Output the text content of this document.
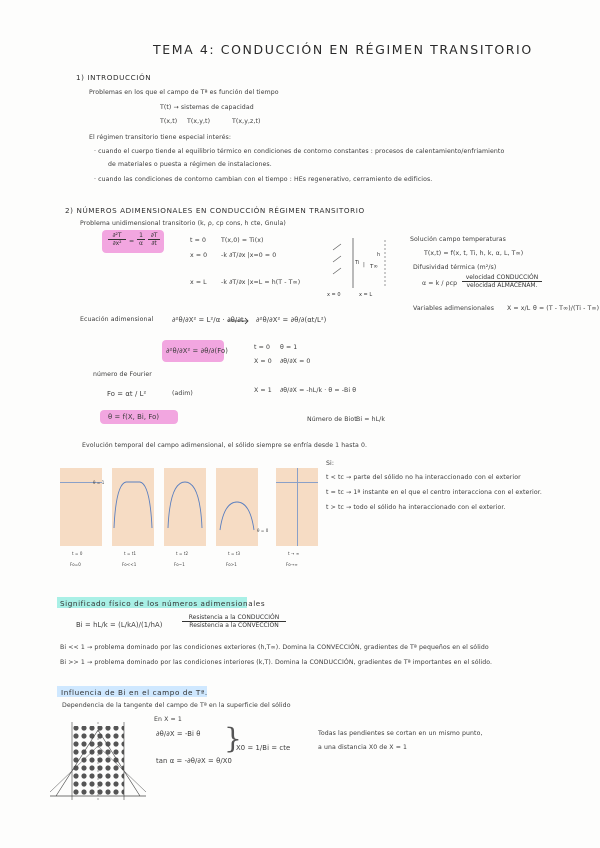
TEMA 4: CONDUCCIÓN EN RÉGIMEN TRANSITORIO
1) INTRODUCCIÓN
Problemas en los que el campo de Tª es función del tiempo
T(t) → sistemas de capacidad
T(x,t) T(x,y,t)	T(x,y,z,t)
El régimen transitorio tiene especial interés:
· cuando el cuerpo tiende al equilibrio térmico en condiciones de contorno constantes : procesos de calentamiento/enfriamiento
de materiales o puesta a régimen de instalaciones.
· cuando las condiciones de contorno cambian con el tiempo : HEs regenerativo, cerramiento de edificios.
2) NÚMEROS ADIMENSIONALES EN CONDUCCIÓN RÉGIMEN TRANSITORIO
Problema unidimensional transitorio (k, ρ, cp cons, h cte, Gnula)
$\frac{\text{∂²T}}{\text{∂x²}} = \frac{1}{\alpha} \frac{\partial T}{\partial t}$	t = 0 T(x,0) = Ti(x)
x = 0 -k ∂T/∂x |x=0 = 0
x = L -k ∂T/∂x |x=L = h(T - T∞)
| T∞
x = 0	x = L
Ti
h
Solución campo temperaturas
T(x,t) = f(x, t, Ti, h, k, α, L, T∞)
Difusividad térmica (m²/s)
α = k / ρcp
velocidad CONDUCCIÓN
velocidad ALMACENAM.
Variables adimensionales X = x/L θ = (T - T∞)/(Ti - T∞)
Ecuación adimensional	∂²θ/∂X² = L²/α · ∂θ/∂t ∂²θ/∂X² = ∂θ/∂(αt/L²)
∂²θ/∂X² = ∂θ/∂(Fo)	t = 0 θ = 1
X = 0 ∂θ/∂X = 0
número de Fourier
Fo = αt / L²	(adim)	X = 1 ∂θ/∂X = -hL/k · θ = -Bi θ
θ = f(X, Bi, Fo)	Número de Biot Bi = hL/k
Evolución temporal del campo adimensional, el sólido siempre se enfría desde 1 hasta 0.
θ = 1
θ = 0
t = 0	t = t1	t = t2	t = t3	t → ∞
Fo=0	Fo<<1	Fo~1	Fo>1	Fo→∞
Si:
t < tc → parte del sólido no ha interaccionado con el exterior
t = tc → 1ª instante en el que el centro interacciona con el exterior.
t > tc → todo el sólido ha interaccionado con el exterior.
Significado físico de los números adimensionales
Bi = hL/k = (L/kA)/(1/hA)
Resistencia a la CONDUCCIÓN
Resistencia a la CONVECCIÓN
Bi << 1 → problema dominado por las condiciones exteriores (h,T∞). Domina la CONVECCIÓN, gradientes de Tª pequeños en el sólido
Bi >> 1 → problema dominado por las condiciones interiores (k,T). Domina la CONDUCCIÓN, gradientes de Tª importantes en el sólido.
Influencia de Bi en el campo de Tª.
Dependencia de la tangente del campo de Tª en la superficie del sólido
En X = 1
∂θ/∂X = -Bi θ
tan α = -∂θ/∂X = θ/X0
}
X0 = 1/Bi = cte
Todas las pendientes se cortan en un mismo punto,
a una distancia X0 de X = 1
